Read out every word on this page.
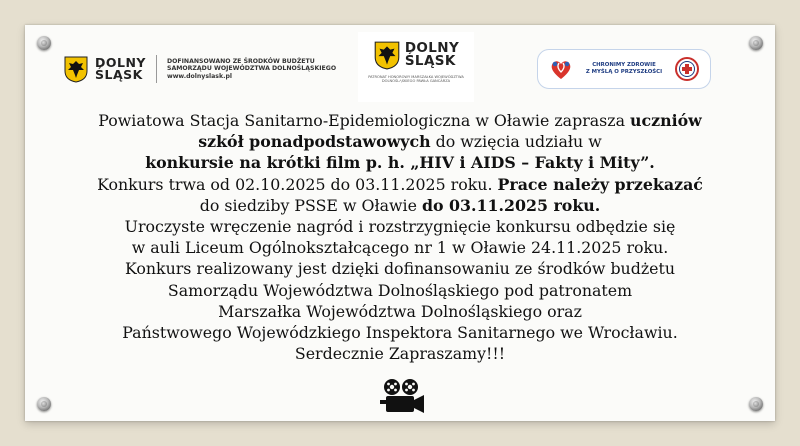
DOLNY
ŚLĄSK
DOFINANSOWANO ZE ŚRODKÓW BUDŻETU
SAMORZĄDU WOJEWÓDZTWA DOLNOŚLĄSKIEGO
www.dolnyslask.pl
DOLNY
ŚLĄSK
PATRONAT HONOROWY MARSZAŁKA WOJEWÓDZTWA
DOLNOŚLĄSKIEGO PAWŁA GANCARZA
CHRONIMY ZDROWIE
Z MYŚLĄ O PRZYSZŁOŚCI

Powiatowa Stacja Sanitarno-Epidemiologiczna w Oławie zaprasza uczniów

szkół ponadpodstawowych do wzięcia udziału w

konkursie na krótki film p. h. „HIV i AIDS – Fakty i Mity”.

Konkurs trwa od 02.10.2025 do 03.11.2025 roku. Prace należy przekazać

do siedziby PSSE w Oławie do 03.11.2025 roku.

Uroczyste wręczenie nagród i rozstrzygnięcie konkursu odbędzie się

w auli Liceum Ogólnokształcącego nr 1 w Oławie 24.11.2025 roku.

Konkurs realizowany jest dzięki dofinansowaniu ze środków budżetu

Samorządu Województwa Dolnośląskiego pod patronatem

Marszałka Województwa Dolnośląskiego oraz

Państwowego Wojewódzkiego Inspektora Sanitarnego we Wrocławiu.

Serdecznie Zapraszamy!!!
